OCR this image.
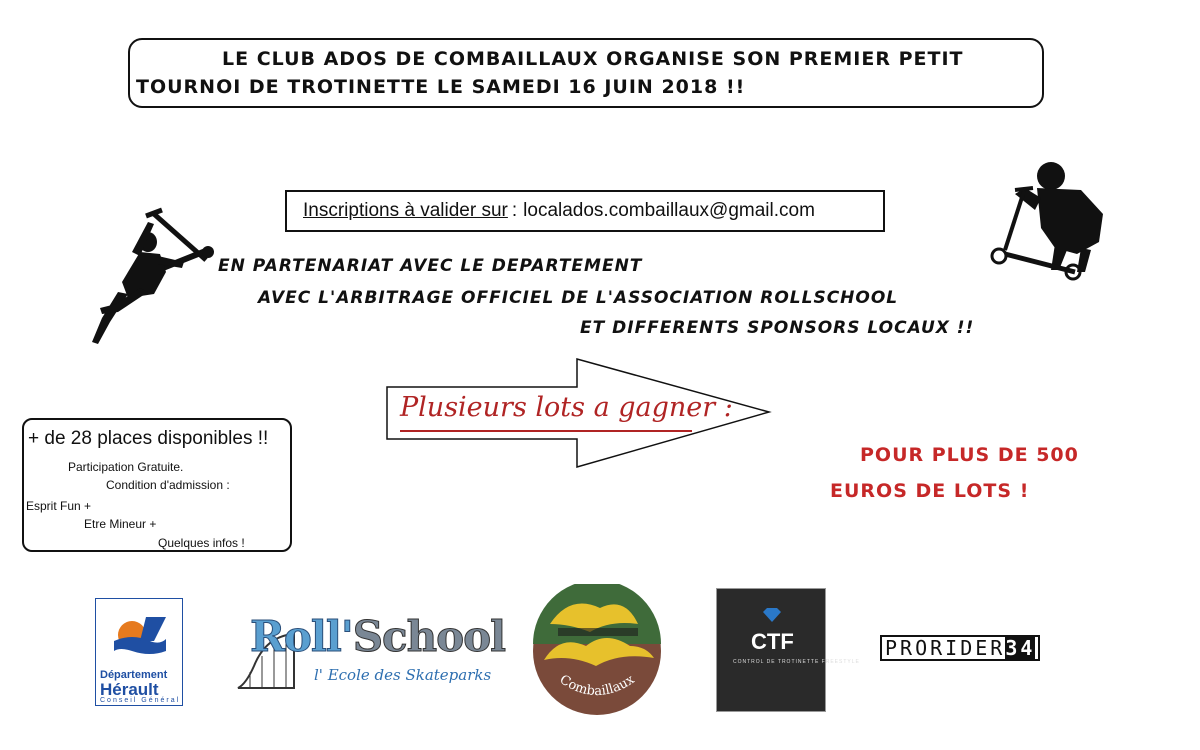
LE CLUB ADOS DE COMBAILLAUX ORGANISE SON PREMIER PETIT
TOURNOI DE TROTINETTE LE SAMEDI 16 JUIN 2018 !!
Inscriptions à valider sur : localados.combaillaux@gmail.com
EN PARTENARIAT AVEC LE DEPARTEMENT
AVEC L'ARBITRAGE OFFICIEL DE L'ASSOCIATION ROLLSCHOOL
ET DIFFERENTS SPONSORS LOCAUX !!
Plusieurs lots a gagner :
POUR PLUS DE 500
EUROS DE LOTS !
+ de 28 places disponibles !!
Participation Gratuite.
Condition d'admission :
Esprit Fun +
Etre Mineur +
Quelques infos !
Département
Hérault
Conseil Général
Roll'School
l' Ecole des Skateparks	Combaillaux
CTF
CONTROL DE TROTINETTE FREESTYLE
PRORIDER34
